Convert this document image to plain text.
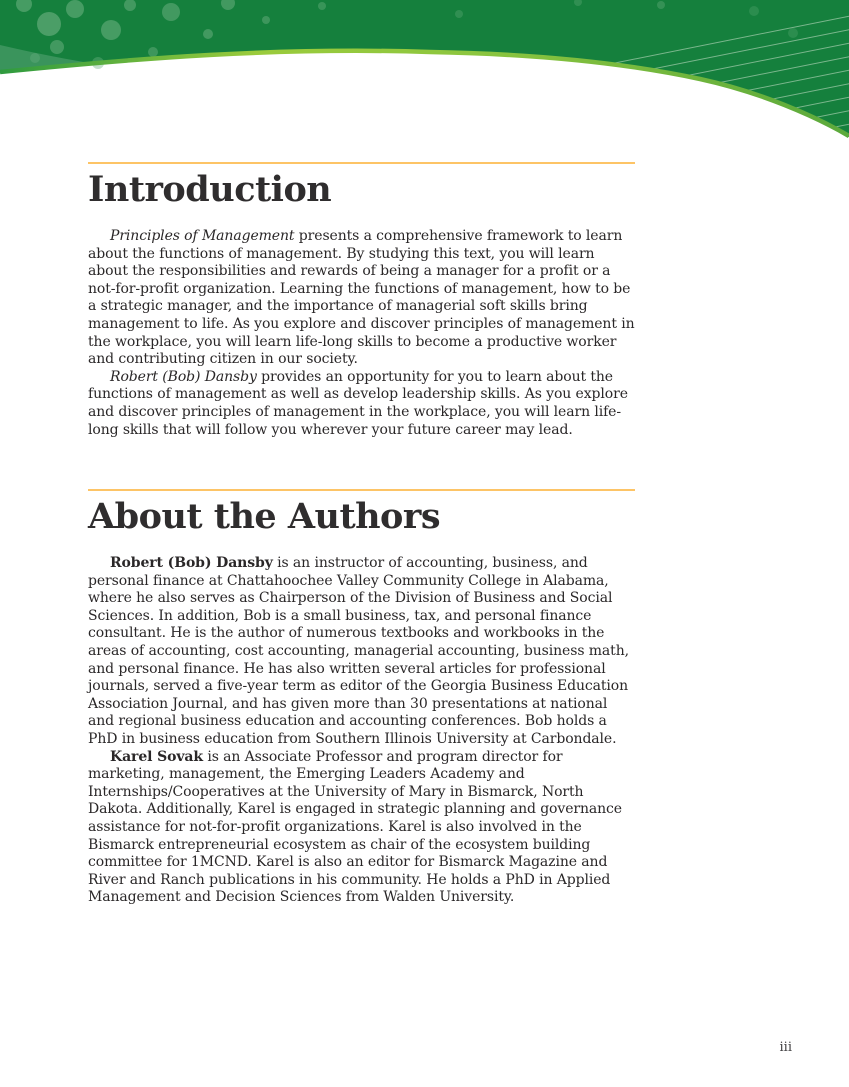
Introduction

Principles of Management presents a comprehensive framework to learn about the functions of management. By studying this text, you will learn about the responsibilities and rewards of being a manager for a profit or a not-for-profit organization. Learning the functions of management, how to be a strategic manager, and the importance of managerial soft skills bring management to life. As you explore and discover principles of management in the workplace, you will learn life-long skills to become a productive worker and contributing citizen in our society.

Robert (Bob) Dansby provides an opportunity for you to learn about the functions of management as well as develop leadership skills. As you explore and discover principles of management in the workplace, you will learn life-long skills that will follow you wherever your future career may lead.

About the Authors

Robert (Bob) Dansby is an instructor of accounting, business, and personal finance at Chattahoochee Valley Community College in Alabama, where he also serves as Chairperson of the Division of Business and Social Sciences. In addition, Bob is a small business, tax, and personal finance consultant. He is the author of numerous textbooks and workbooks in the areas of accounting, cost accounting, managerial accounting, business math, and personal finance. He has also written several articles for professional journals, served a five-year term as editor of the Georgia Business Education Association Journal, and has given more than 30 presentations at national and regional business education and accounting conferences. Bob holds a PhD in business education from Southern Illinois University at Carbondale.

Karel Sovak is an Associate Professor and program director for marketing, management, the Emerging Leaders Academy and Internships/Cooperatives at the University of Mary in Bismarck, North Dakota. Additionally, Karel is engaged in strategic planning and governance assistance for not-for-profit organizations. Karel is also involved in the Bismarck entrepreneurial ecosystem as chair of the ecosystem building committee for 1MCND. Karel is also an editor for Bismarck Magazine and River and Ranch publications in his community. He holds a PhD in Applied Management and Decision Sciences from Walden University.

iii
